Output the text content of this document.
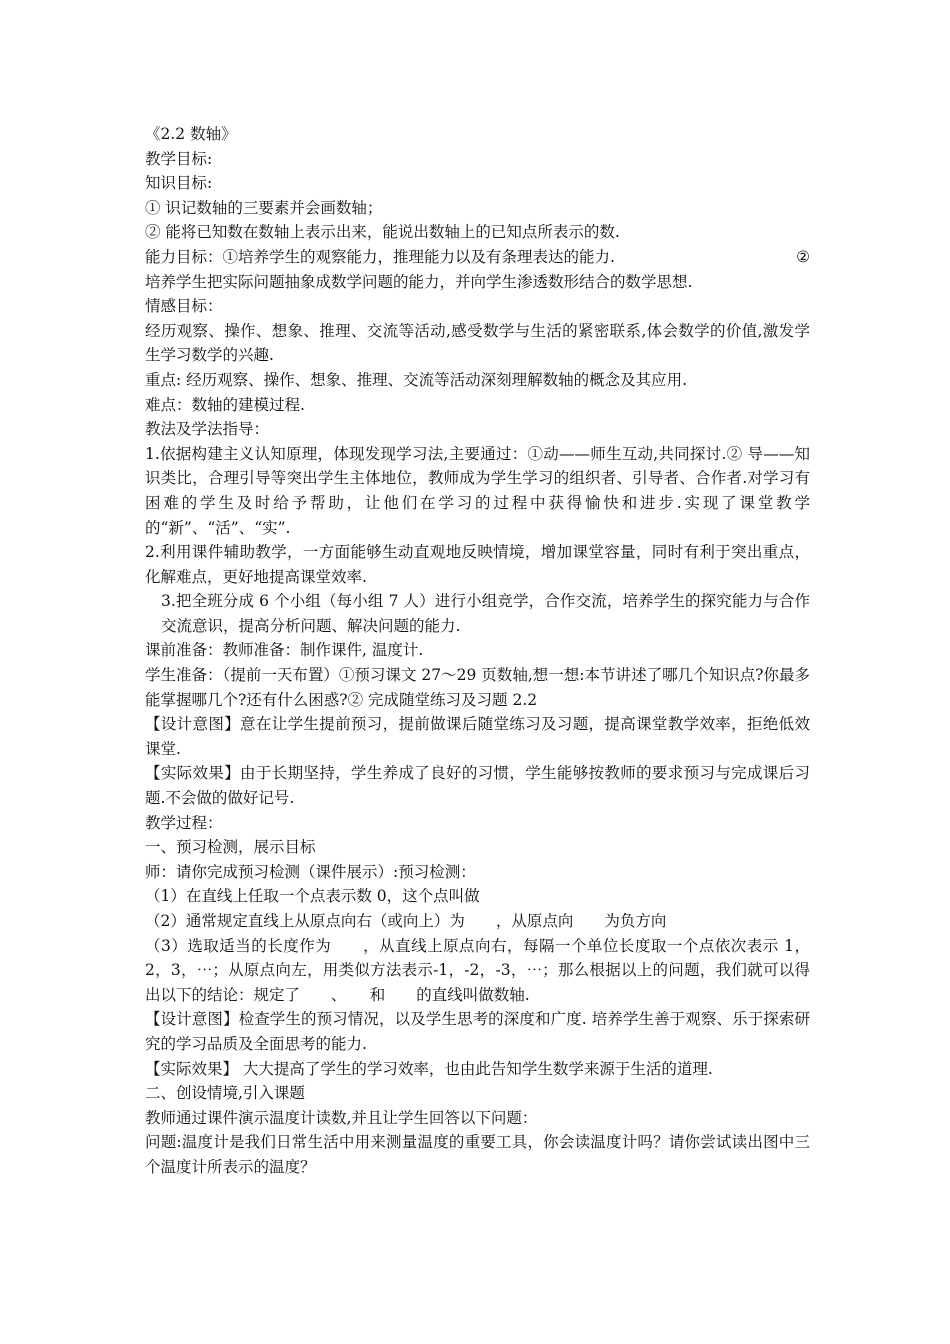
《2.2 数轴》
教学目标:
知识目标:
① 识记数轴的三要素并会画数轴；
② 能将已知数在数轴上表示出来，能说出数轴上的已知点所表示的数.
能力目标：①培养学生的观察能力，推理能力以及有条理表达的能力.	②
培养学生把实际问题抽象成数学问题的能力，并向学生渗透数形结合的数学思想.
情感目标：
经历观察、操作、想象、推理、交流等活动,感受数学与生活的紧密联系,体会数学的价值,激发学生学习数学的兴趣.
重点: 经历观察、操作、想象、推理、交流等活动深刻理解数轴的概念及其应用.
难点：数轴的建模过程.
教法及学法指导：
1.依据构建主义认知原理，体现发现学习法,主要通过：①动——师生互动,共同探讨.② 导——知识类比，合理引导等突出学生主体地位，教师成为学生学习的组织者、引导者、合作者.对学习有困难的学生及时给予帮助，让他们在学习的过程中获得愉快和进步.实现了课堂教学的“新”、“活”、“实”.
2.利用课件辅助教学，一方面能够生动直观地反映情境，增加课堂容量，同时有利于突出重点，化解难点，更好地提高课堂效率.
3.把全班分成 6 个小组（每小组 7 人）进行小组竞学，合作交流，培养学生的探究能力与合作交流意识，提高分析问题、解决问题的能力.
课前准备：教师准备：制作课件, 温度计.
学生准备：（提前一天布置）①预习课文 27～29 页数轴,想一想:本节讲述了哪几个知识点?你最多能掌握哪几个?还有什么困惑?② 完成随堂练习及习题 2.2
【设计意图】意在让学生提前预习，提前做课后随堂练习及习题，提高课堂教学效率，拒绝低效课堂.
【实际效果】由于长期坚持，学生养成了良好的习惯，学生能够按教师的要求预习与完成课后习题.不会做的做好记号.
教学过程：
一、预习检测，展示目标
师：请你完成预习检测（课件展示）:预习检测：
（1）在直线上任取一个点表示数 0，这个点叫做
（2）通常规定直线上从原点向右（或向上）为　　，从原点向　　为负方向
（3）选取适当的长度作为　　，从直线上原点向右，每隔一个单位长度取一个点依次表示 1，2，3，⋯；从原点向左，用类似方法表示-1，-2，-3，⋯；那么根据以上的问题，我们就可以得出以下的结论：规定了　　、　　和　　的直线叫做数轴.
【设计意图】检查学生的预习情况，以及学生思考的深度和广度. 培养学生善于观察、乐于探索研究的学习品质及全面思考的能力.
【实际效果】 大大提高了学生的学习效率，也由此告知学生数学来源于生活的道理.
二、创设情境,引入课题
教师通过课件演示温度计读数,并且让学生回答以下问题：
问题:温度计是我们日常生活中用来测量温度的重要工具，你会读温度计吗？请你尝试读出图中三个温度计所表示的温度？
